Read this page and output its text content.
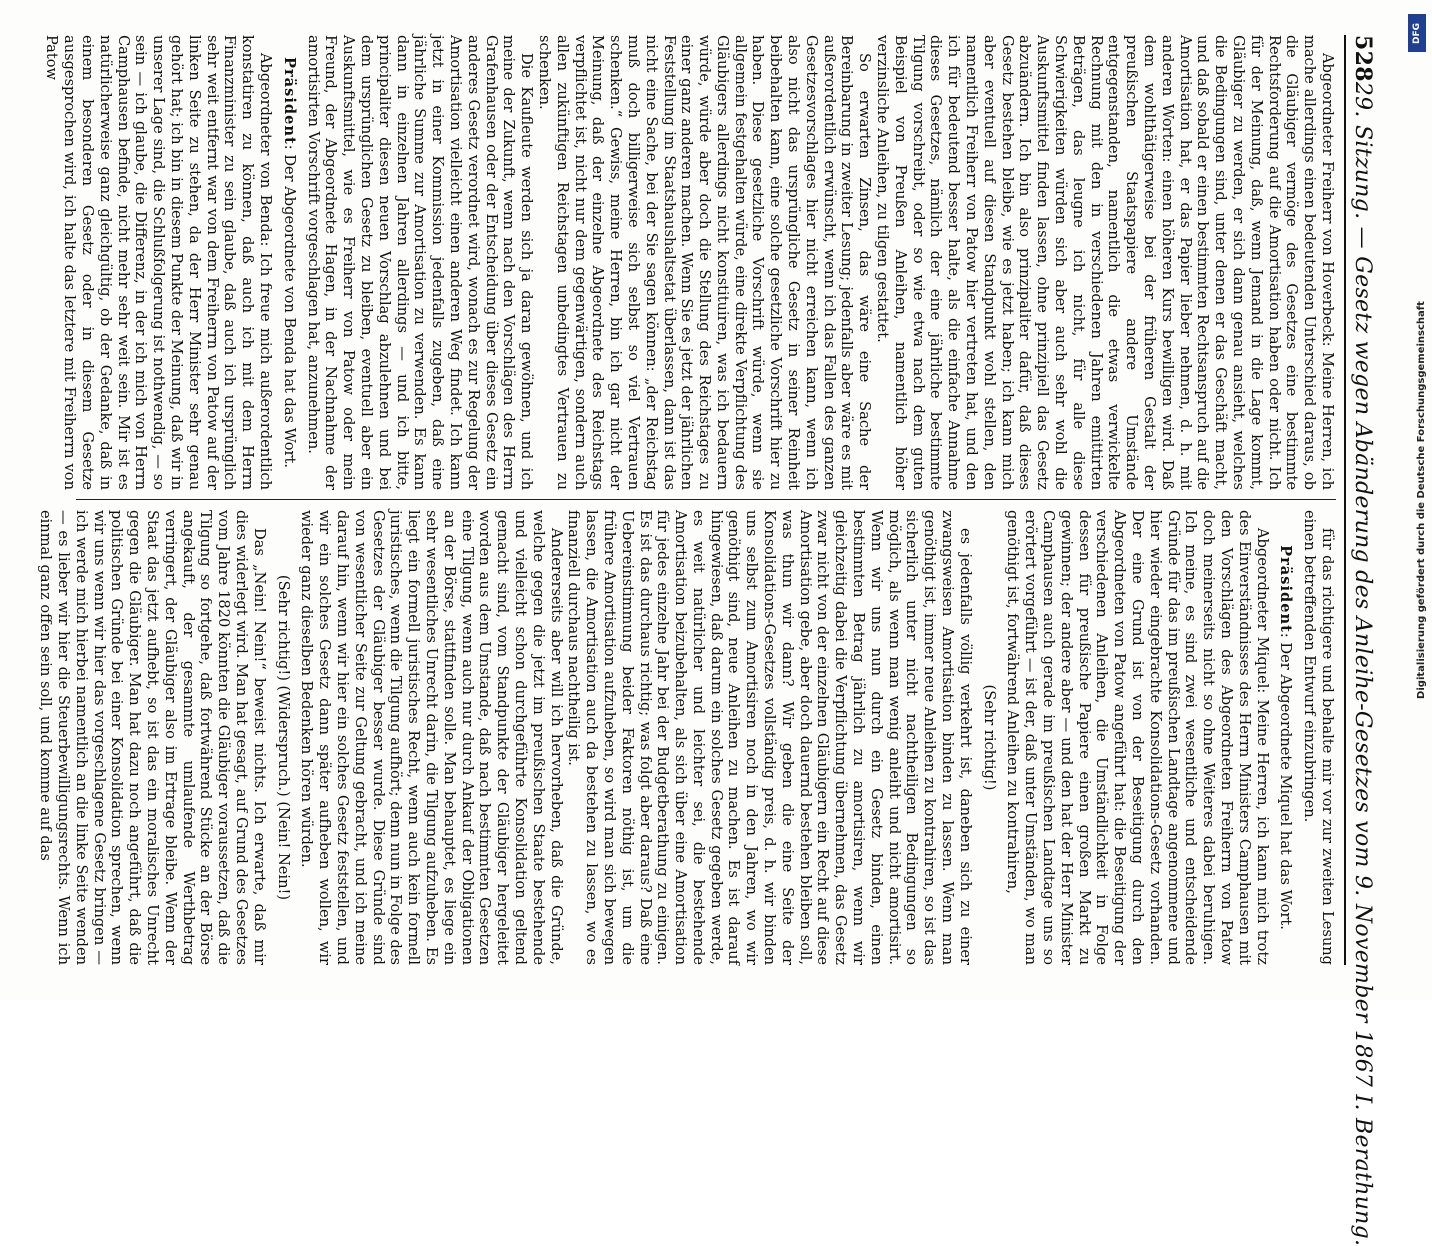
528
29. Sitzung. — Gesetz wegen Abänderung des Anleihe-Gesetzes vom 9. November 1867 I. Berathung.

Abgeordneter Freiherr von Hoverbeck: Meine Herren, ich mache allerdings einen bedeutenden Unterschied daraus, ob die Gläubiger vermöge des Gesetzes eine bestimmte Rechtsforderung auf die Amortisation haben oder nicht. Ich für der Meinung, daß, wenn Jemand in die Lage kommt, Gläubiger zu werden, er sich dann genau ansieht, welches die Bedingungen sind, unter denen er das Geschäft macht, und daß sobald er einen bestimmten Rechtsanspruch auf die Amortisation hat, er das Papier lieber nehmen, d. h. mit anderen Worten: einen höheren Kurs bewilligen wird. Daß dem wohlthätigerweise bei der früheren Gestalt der preußischen Staatspapiere andere Umstände entgegenstanden, namentlich die etwas verwickelte Rechnung mit den in verschiedenen Jahren emittirten Beträgen, das leugne ich nicht, für alle diese Schwierigkeiten würden sich aber auch sehr wohl die Auskunftsmittel finden lassen, ohne prinzipiell das Gesetz abzuändern. Ich bin also prinzipaliter dafür, daß dieses Gesetz bestehen bleibe, wie es jetzt haben; ich kann mich aber eventuell auf diesen Standpunkt wohl stellen, den namentlich Freiherr von Patow hier vertreten hat, und den ich für bedeutend besser halte, als die einfache Annahme dieses Gesetzes, nämlich der eine jährliche bestimmte Tilgung vorschreibt, oder so wie etwa nach dem guten Beispiel von Preußen Anleihen, namentlich höher verzinsliche Anleihen, zu tilgen gestattet.

So erwarten Zinsen, das wäre eine Sache der Bereinbarung in zweiter Lesung; jedenfalls aber wäre es mit außerordentlich erwünscht, wenn ich das Fallen des ganzen Gesetzesvorschlages hier nicht erreichen kann, wenn ich also nicht das ursprüngliche Gesetz in seiner Reinheit beibehalten kann, eine solche gesetzliche Vorschrift hier zu haben. Diese gesetzliche Vorschrift würde, wenn sie allgemein festgehalten würde, eine direkte Verpflichtung des Gläubigers allerdings nicht konstituiren, was ich bedauern würde, würde aber doch die Stellung des Reichstages zu einer ganz anderen machen. Wenn Sie es jetzt der jährlichen Feststellung im Staatshaushaltsetat überlassen, dann ist das nicht eine Sache, bei der Sie sagen können: „der Reichstag muß doch billigerweise sich selbst so viel Vertrauen schenken.“ Gewiss, meine Herren, bin ich gar nicht der Meinung, daß der einzelne Abgeordnete des Reichstags verpflichtet ist, nicht nur dem gegenwärtigen, sondern auch allen zukünftigen Reichstagen unbedingtes Vertrauen zu schenken.

Die Kaufleute werden sich ja daran gewöhnen, und ich meine der Zukunft, wenn nach den Vorschlägen des Herrn Grafenhausen oder der Entscheidung über dieses Gesetz ein anderes Gesetz verordnet wird, wonach es zur Regelung der Amortisation vielleicht einen anderen Weg findet. Ich kann jetzt in einer Kommission jedenfalls zugeben, daß eine jährliche Summe zur Amortisation zu verwenden. Es kann dann in einzelnen Jahren allerdings — und ich bitte, principaliter diesen neuen Vorschlag abzulehnen und bei dem ursprünglichen Gesetz zu bleiben, eventuell aber ein Auskunftsmittel, wie es Freiherr von Patow oder mein Freund, der Abgeordnete Hagen, in der Nachnahme der amortisirten Vorschrift vorgeschlagen hat, anzunehmen.

Präsident: Der Abgeordnete von Benda hat das Wort.

Abgeordneter von Benda: Ich freue mich außerordentlich konstatiren zu können, daß auch ich mit dem Herrn Finanzminister zu sein glaube, daß auch ich ursprünglich sehr weit entfernt war von dem Freiherrn von Patow auf der linken Seite zu stehen, da der Herr Minister sehr genau gehört hat; ich bin in diesem Punkte der Meinung, daß wir in unserer Lage sind, die Schlußfolgerung ist nothwendig, — so sein — ich glaube, die Differenz, in der ich mich von Herrn Camphausen befinde, nicht mehr sehr weit sein. Mir ist es natürlicherweise ganz gleichgültig, ob der Gedanke, daß in einem besonderen Gesetz oder in diesem Gesetze ausgesprochen wird, ich halte das letztere mit Freiherrn von Patow

für das richtigere und behalte mir vor zur zweiten Lesung einen betreffenden Entwurf einzubringen.

Präsident: Der Abgeordnete Miquel hat das Wort.

Abgeordneter Miquel: Meine Herren, ich kann mich trotz des Einverständnisses des Herrn Ministers Camphausen mit den Vorschlägen des Abgeordneten Freiherrn von Patow doch meinerseits nicht so ohne Weiteres dabei beruhigen. Ich meine, es sind zwei wesentliche und entscheidende Gründe für das im preußischen Landtage angenommene und hier wieder eingebrachte Konsolidations-Gesetz vorhanden. Der eine Grund ist von der Beseitigung durch den Abgeordneten von Patow angeführt hat: die Beseitigung der verschiedenen Anleihen, die Umständlichkeit in Folge dessen für preußische Papiere einen großen Markt zu gewinnen; der andere aber — und den hat der Herr Minister Camphausen auch gerade im preußischen Landtage uns so erörtert vorgeführt — ist der, daß unter Umständen, wo man genöthigt ist, fortwährend Anleihen zu kontrahiren,

(Sehr richtig!)

es jedenfalls völlig verkehrt ist, daneben sich zu einer zwangsweisen Amortisation binden zu lassen. Wenn man genöthigt ist, immer neue Anleihen zu kontrahiren, so ist das sicherlich unter nicht nachtheiligen Bedingungen so möglich, als wenn man wenig anleiht und nicht amortisirt. Wenn wir uns nun durch ein Gesetz binden, einen bestimmten Betrag jährlich zu amortisiren, wenn wir gleichzeitig dabei die Verpflichtung übernehmen, das Gesetz zwar nicht von der einzelnen Gläubigern ein Recht auf diese Amortisation gebe, aber doch dauernd bestehen bleiben soll, was thun wir dann? Wir geben die eine Seite der Konsolidations-Gesetzes vollständig preis, d. h. wir binden uns selbst zum Amortisiren noch in den Jahren, wo wir genöthigt sind, neue Anleihen zu machen. Es ist darauf hingewiesen, daß darum ein solches Gesetz gegeben werde, es weit natürlicher und leichter sei, die bestehende Amortisation beizubehalten, als sich über eine Amortisation für jedes einzelne Jahr bei der Budgetberathung zu einigen. Es ist das durchaus richtig; was folgt aber daraus? Daß eine Uebereinstimmung beider Faktoren nöthig ist, um die frühere Amortisation aufzuheben, so wird man sich bewegen lassen, die Amortisation auch da bestehen zu lassen, wo es finanziell durchaus nachtheilig ist.

Andererseits aber will ich hervorheben, daß die Gründe, welche gegen die jetzt im preußischen Staate bestehende und vielleicht schon durchgeführte Konsolidation geltend gemacht sind, vom Standpunkte der Gläubiger hergeleitet worden aus dem Umstande, daß nach bestimmten Gesetzen eine Tilgung, wenn auch nur durch Ankauf der Obligationen an der Börse, stattfinden solle. Man behauptet, es liege ein sehr wesentliches Unrecht darin, die Tilgung aufzuheben. Es liegt ein formell juristisches Recht, wenn auch kein formell juristisches, wenn die Tilgung aufhört; denn nun in Folge des Gesetzes der Gläubiger besser wurde. Diese Gründe sind von wesentlicher Seite zur Geltung gebracht, und ich meine darauf hin, wenn wir hier ein solches Gesetz feststellen, und wir ein solches Gesetz dann später aufheben wollen, wir wieder ganz dieselben Bedenken hören würden.

(Sehr richtig!) (Widerspruch.) (Nein! Nein!)

Das „Nein! Nein!“ beweist nichts. Ich erwarte, daß mir dies widerlegt wird. Man hat gesagt, auf Grund des Gesetzes vom Jahre 1820 könnten die Gläubiger voraussetzen, daß die Tilgung so fortgehe, daß fortwährend Stücke an der Börse angekauft, der gesammte umlaufende Werthbetrag verringert, der Gläubiger also im Ertrage bleibe. Wenn der Staat das jetzt aufhebt, so ist das ein moralisches Unrecht gegen die Gläubiger. Man hat dazu noch angeführt, daß die politischen Gründe bei einer Konsolidation sprechen, wenn wir uns wenn wir hier das vorgeschlagene Gesetz bringen — ich werde mich hierbei namentlich an die linke Seite wenden — es lieber wir hier die Steuerbewilligungsrechts. Wenn ich einmal ganz offen sein soll, und komme auf das

DFG
Digitalisierung gefördert durch die Deutsche Forschungsgemeinschaft
